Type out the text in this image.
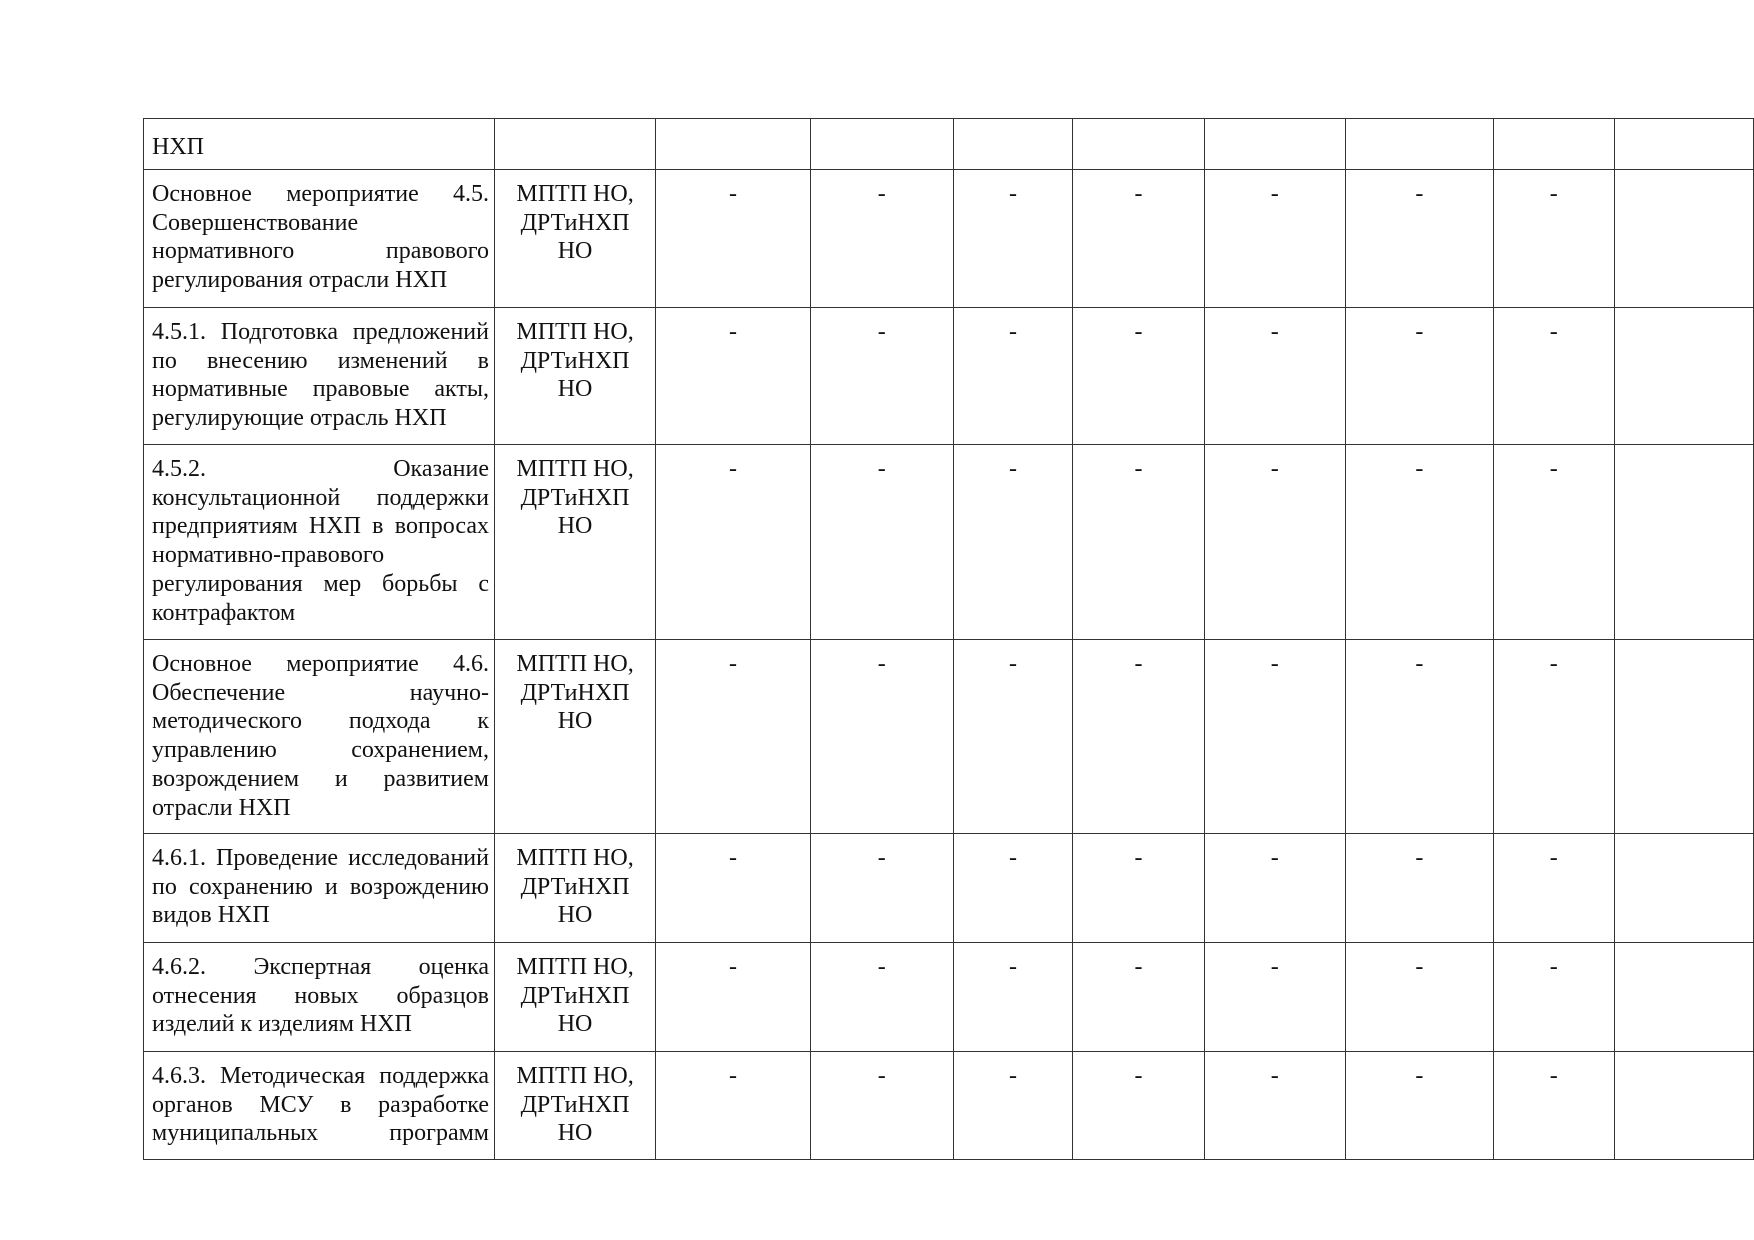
НХП									
Основное мероприятие 4.5. Совершенствование нормативного правового регулирования отрасли НХП	МПТП НО,
ДРТиНХП
НО	-	-	-	-	-	-	-	
4.5.1. Подготовка предложений по внесению изменений в нормативные правовые акты, регулирующие отрасль НХП	МПТП НО,
ДРТиНХП
НО	-	-	-	-	-	-	-	
4.5.2. Оказание консультационной поддержки предприятиям НХП в вопросах нормативно-правового регулирования мер борьбы с контрафактом	МПТП НО,
ДРТиНХП
НО	-	-	-	-	-	-	-	
Основное мероприятие 4.6. Обеспечение научно-методического подхода к управлению сохранением, возрождением и развитием отрасли НХП	МПТП НО,
ДРТиНХП
НО	-	-	-	-	-	-	-	
4.6.1. Проведение исследований по сохранению и возрождению видов НХП	МПТП НО,
ДРТиНХП
НО	-	-	-	-	-	-	-	
4.6.2. Экспертная оценка отнесения новых образцов изделий к изделиям НХП	МПТП НО,
ДРТиНХП
НО	-	-	-	-	-	-	-	
4.6.3. Методическая поддержка органов МСУ в разработке муниципальных программ	МПТП НО,
ДРТиНХП
НО	-	-	-	-	-	-	-	
